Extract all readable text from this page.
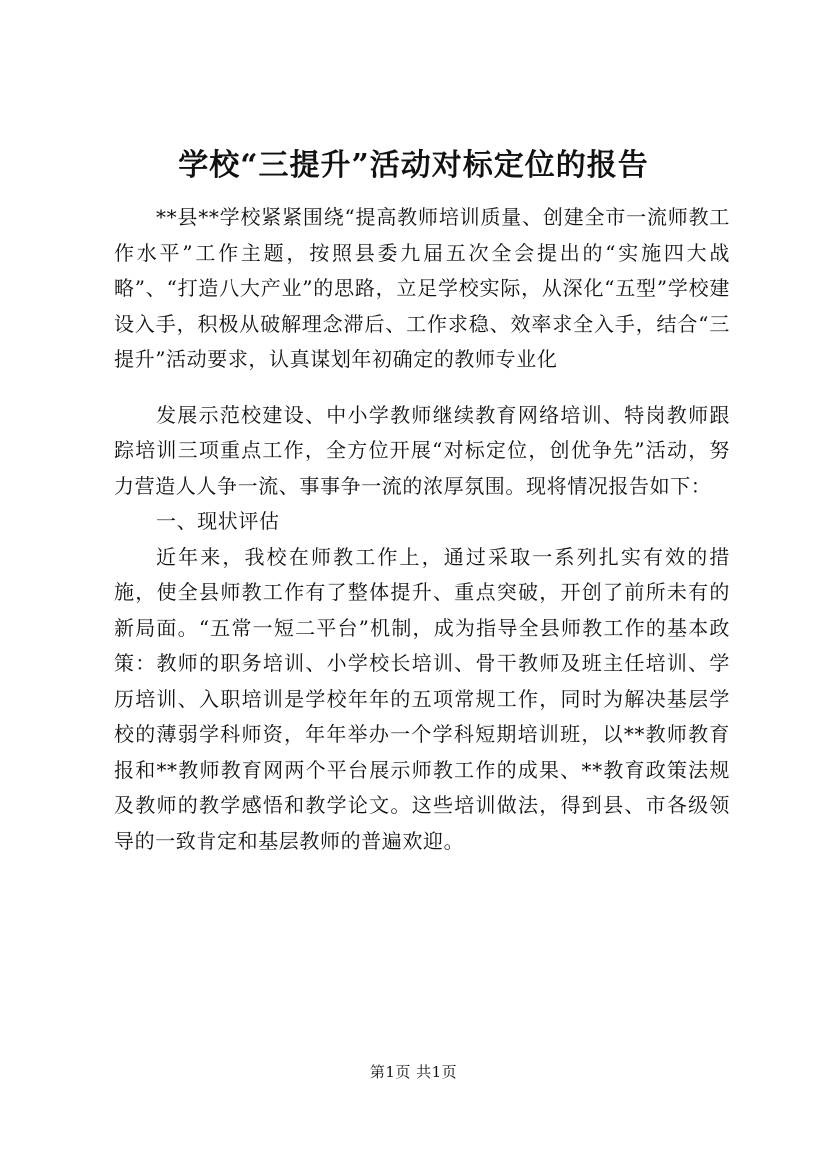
学校“三提升”活动对标定位的报告

**县**学校紧紧围绕“提高教师培训质量、创建全市一流师教工作水平”工作主题，按照县委九届五次全会提出的“实施四大战略”、“打造八大产业”的思路，立足学校实际，从深化“五型”学校建设入手，积极从破解理念滞后、工作求稳、效率求全入手，结合“三提升”活动要求，认真谋划年初确定的教师专业化

发展示范校建设、中小学教师继续教育网络培训、特岗教师跟踪培训三项重点工作，全方位开展“对标定位，创优争先”活动，努力营造人人争一流、事事争一流的浓厚氛围。现将情况报告如下：

一、现状评估

近年来，我校在师教工作上，通过采取一系列扎实有效的措施，使全县师教工作有了整体提升、重点突破，开创了前所未有的新局面。“五常一短二平台”机制，成为指导全县师教工作的基本政策：教师的职务培训、小学校长培训、骨干教师及班主任培训、学历培训、入职培训是学校年年的五项常规工作，同时为解决基层学校的薄弱学科师资，年年举办一个学科短期培训班，以**教师教育报和**教师教育网两个平台展示师教工作的成果、**教育政策法规及教师的教学感悟和教学论文。这些培训做法，得到县、市各级领导的一致肯定和基层教师的普遍欢迎。

第1页 共1页
